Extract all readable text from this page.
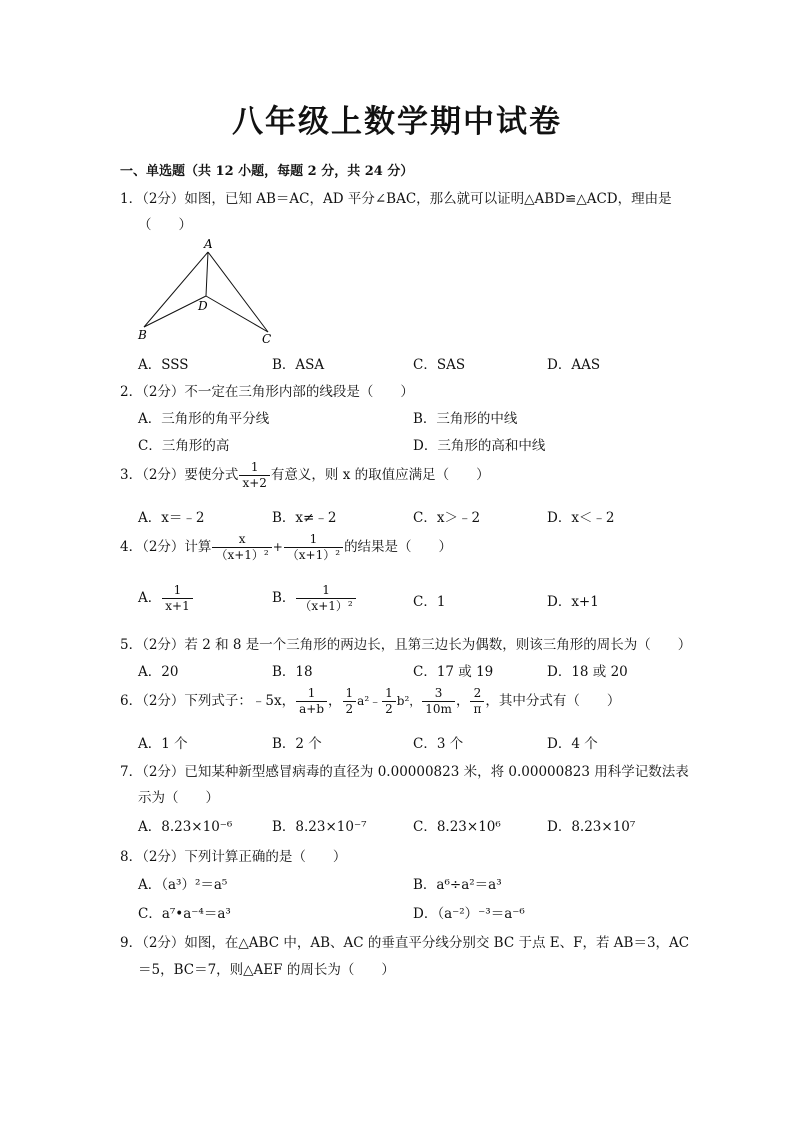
八年级上数学期中试卷
一、单选题（共 12 小题，每题 2 分，共 24 分）
1．（2分）如图，已知 AB＝AC，AD 平分∠BAC，那么就可以证明△ABD≌△ACD，理由是
（　　）
A
D
B	C
A．SSS	B．ASA	C．SAS	D．AAS
2．（2分）不一定在三角形内部的线段是（　　）
A．三角形的角平分线	B．三角形的中线
C．三角形的高	D．三角形的高和中线
3．（2分）要使分式 $\frac{1}{x+2}$ 有意义，则 x 的取值应满足（　　）
A．x＝﹣2	B．x≠﹣2	C．x＞﹣2	D．x＜﹣2
4．（2分）计算 $\frac{x}{\text{（x+1）²}} + \frac{1}{\text{（x+1）²}}$ 的结果是（　　）
A． $\frac{1}{x+1}$	B． $\frac{1}{\text{（x+1）²}}$	C．1	D．x+1
5．（2分）若 2 和 8 是一个三角形的两边长，且第三边长为偶数，则该三角形的周长为（　　）
A．20	B．18	C．17 或 19	D．18 或 20
6．（2分）下列式子：﹣5x， $\frac{1}{a+b}$ ， $\frac{1}{2}$ a²﹣ $\frac{1}{2} b^2$， $\frac{3}{10m}$ ， $\frac{2}{\pi}$ ，其中分式有（　　）
A．1 个	B．2 个	C．3 个	D．4 个
7．（2分）已知某种新型感冒病毒的直径为 0.00000823 米，将 0.00000823 用科学记数法表
示为（　　）
A．8.23×10⁻⁶	B．8.23×10⁻⁷	C．8.23×10⁶	D．8.23×10⁷
8．（2分）下列计算正确的是（　　）
A．（a³）²＝a⁵	B．a⁶÷a²＝a³
C．a⁷•a⁻⁴＝a³	D．（a⁻²）⁻³＝a⁻⁶
9．（2分）如图，在△ABC 中，AB、AC 的垂直平分线分别交 BC 于点 E、F，若 AB＝3，AC
＝5，BC＝7，则△AEF 的周长为（　　）
